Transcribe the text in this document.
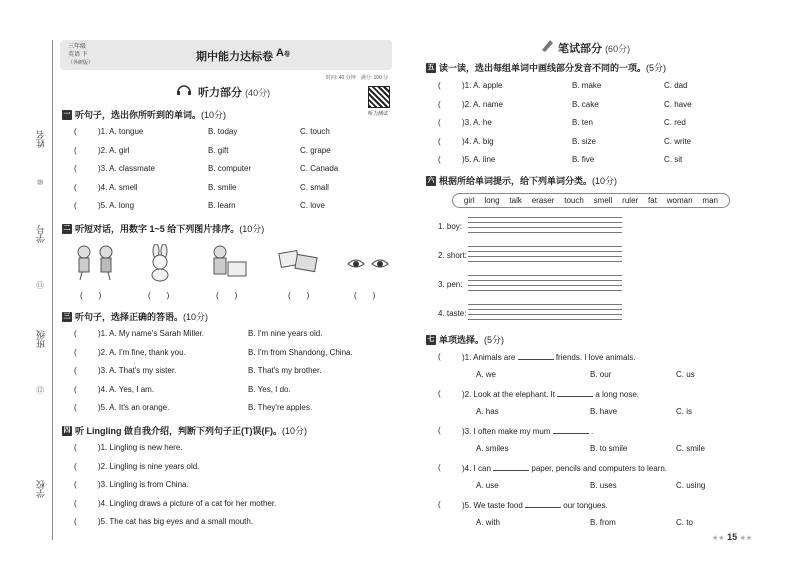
姓名
⑩
学号
⑪
班级
⑫
学校
三年级
英语 下
（外研版）	期中能力达标卷 A卷
时间: 40 分钟　满分: 100 分
听力测试
听力部分 (40分)
一 听句子，选出你所听到的单词。 (10分)
(	)1. A. tongue	B. today	C. touch
(	)2. A. girl	B. gift	C. grape
(	)3. A. classmate	B. computer	C. Canada
(	)4. A. smell	B. smile	C. small
(	)5. A. long	B. learn	C. love
二 听短对话，用数字 1~5 给下列图片排序。 (10分)
(　　)	(　　)	(　　)	(　　)	(　　)
三 听句子，选择正确的答语。 (10分)
(	)1. A. My name's Sarah Miller.	B. I'm nine years old.
(	)2. A. I'm fine, thank you.	B. I'm from Shandong, China.
(	)3. A. That's my sister.	B. That's my brother.
(	)4. A. Yes, I am.	B. Yes, I do.
(	)5. A. It's an orange.	B. They're apples.
四 听 Lingling 做自我介绍，判断下列句子正(T)误(F)。 (10分)
(	)1. Lingling is new here.
(	)2. Lingling is nine years old.
(	)3. Lingling is from China.
(	)4. Lingling draws a picture of a cat for her mother.
(	)5. The cat has big eyes and a small mouth.
笔试部分 (60分)
五 读一读，选出每组单词中画线部分发音不同的一项。 (5分)
(	)1. A. apple	B. make	C. dad
(	)2. A. name	B. cake	C. have
(	)3. A. he	B. ten	C. red
(	)4. A. big	B. size	C. write
(	)5. A. line	B. five	C. sit
六 根据所给单词提示，给下列单词分类。 (10分)
girl long talk eraser touch smell ruler fat woman man
1. boy:
2. short:
3. pen:
4. taste:
七 单项选择。 (5分)
(	)1. Animals are	friends. I love animals.
A. we	B. our	C. us
(	)2. Look at the elephant. It	a long nose.
A. has	B. have	C. is
(	)3. I often make my mum	.
A. smiles	B. to smile	C. smile
(	)4. I can	paper, pencils and computers to learn.
A. use	B. uses	C. using
(	)5. We taste food	our tongues.
A. with	B. from	C. to
★★ 15 ★★
